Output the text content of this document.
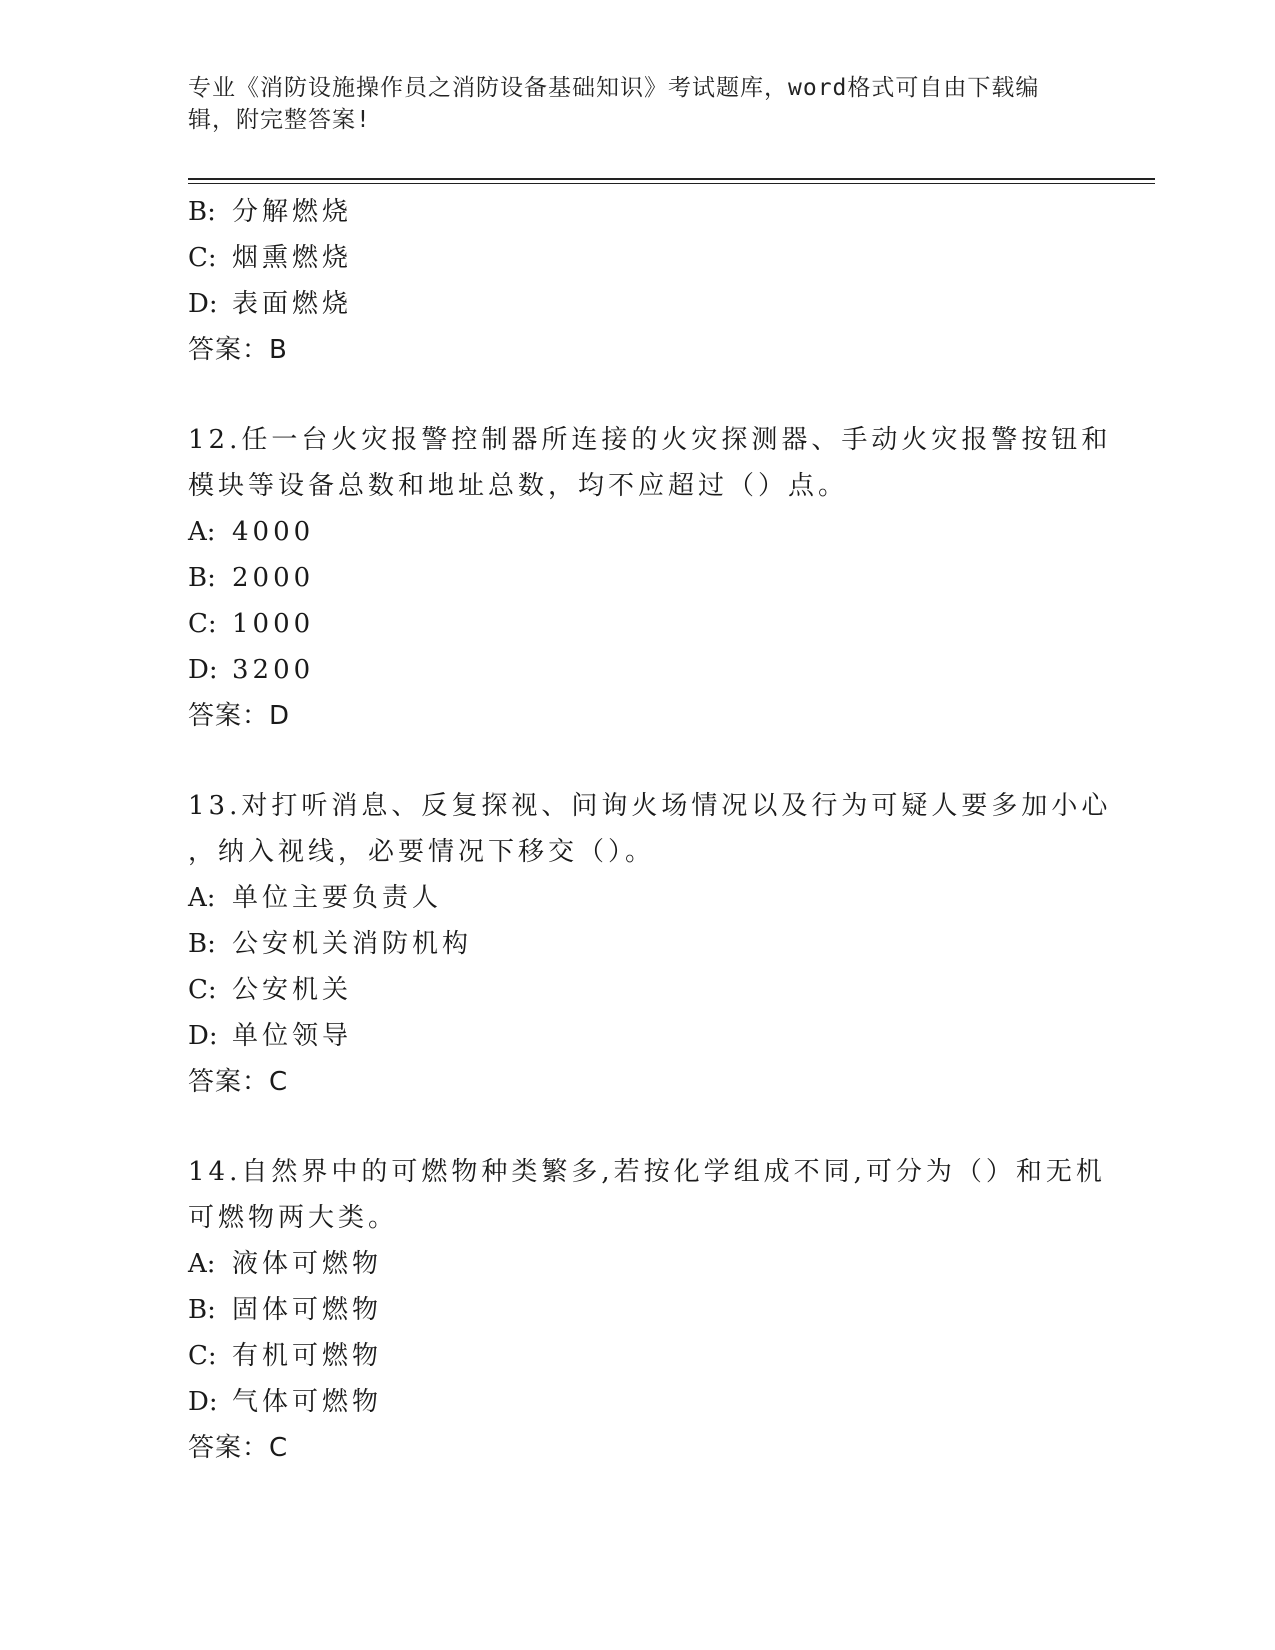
专业《消防设施操作员之消防设备基础知识》考试题库，word格式可自由下载编
辑，附完整答案!
B: 分解燃烧
C: 烟熏燃烧
D: 表面燃烧
答案：B
12.任一台火灾报警控制器所连接的火灾探测器、手动火灾报警按钮和
模块等设备总数和地址总数，均不应超过（）点。
A: 4000
B: 2000
C: 1000
D: 3200
答案：D
13.对打听消息、反复探视、问询火场情况以及行为可疑人要多加小心
，纳入视线，必要情况下移交（）。
A: 单位主要负责人
B: 公安机关消防机构
C: 公安机关
D: 单位领导
答案：C
14.自然界中的可燃物种类繁多,若按化学组成不同,可分为（）和无机
可燃物两大类。
A: 液体可燃物
B: 固体可燃物
C: 有机可燃物
D: 气体可燃物
答案：C
